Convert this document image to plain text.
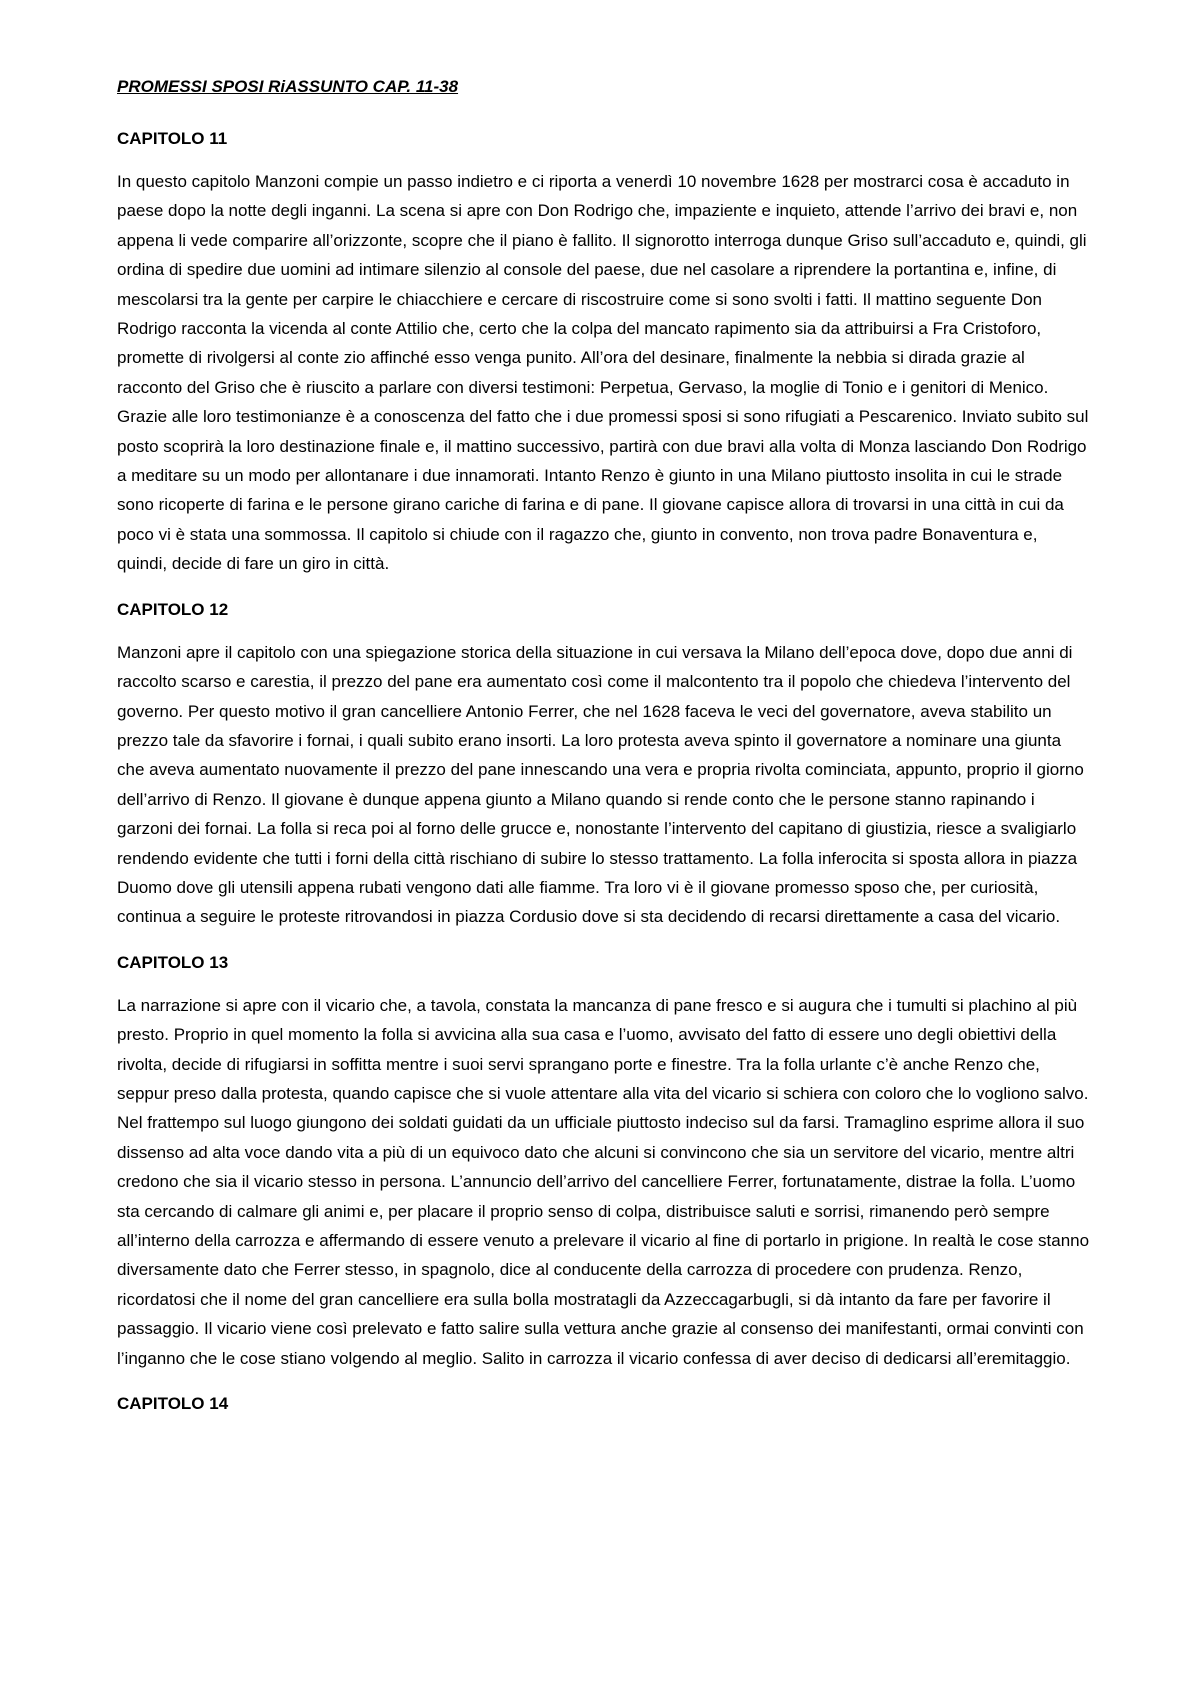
PROMESSI SPOSI RiASSUNTO CAP. 11-38
CAPITOLO 11

In questo capitolo Manzoni compie un passo indietro e ci riporta a venerdì 10 novembre 1628 per mostrarci cosa è accaduto in paese dopo la notte degli inganni. La scena si apre con Don Rodrigo che, impaziente e inquieto, attende l’arrivo dei bravi e, non appena li vede comparire all’orizzonte, scopre che il piano è fallito. Il signorotto interroga dunque Griso sull’accaduto e, quindi, gli ordina di spedire due uomini ad intimare silenzio al console del paese, due nel casolare a riprendere la portantina e, infine, di mescolarsi tra la gente per carpire le chiacchiere e cercare di riscostruire come si sono svolti i fatti. Il mattino seguente Don Rodrigo racconta la vicenda al conte Attilio che, certo che la colpa del mancato rapimento sia da attribuirsi a Fra Cristoforo, promette di rivolgersi al conte zio affinché esso venga punito. All’ora del desinare, finalmente la nebbia si dirada grazie al racconto del Griso che è riuscito a parlare con diversi testimoni: Perpetua, Gervaso, la moglie di Tonio e i genitori di Menico. Grazie alle loro testimonianze è a conoscenza del fatto che i due promessi sposi si sono rifugiati a Pescarenico. Inviato subito sul posto scoprirà la loro destinazione finale e, il mattino successivo, partirà con due bravi alla volta di Monza lasciando Don Rodrigo a meditare su un modo per allontanare i due innamorati. Intanto Renzo è giunto in una Milano piuttosto insolita in cui le strade sono ricoperte di farina e le persone girano cariche di farina e di pane. Il giovane capisce allora di trovarsi in una città in cui da poco vi è stata una sommossa. Il capitolo si chiude con il ragazzo che, giunto in convento, non trova padre Bonaventura e, quindi, decide di fare un giro in città.

CAPITOLO 12

Manzoni apre il capitolo con una spiegazione storica della situazione in cui versava la Milano dell’epoca dove, dopo due anni di raccolto scarso e carestia, il prezzo del pane era aumentato così come il malcontento tra il popolo che chiedeva l’intervento del governo. Per questo motivo il gran cancelliere Antonio Ferrer, che nel 1628 faceva le veci del governatore, aveva stabilito un prezzo tale da sfavorire i fornai, i quali subito erano insorti. La loro protesta aveva spinto il governatore a nominare una giunta che aveva aumentato nuovamente il prezzo del pane innescando una vera e propria rivolta cominciata, appunto, proprio il giorno dell’arrivo di Renzo. Il giovane è dunque appena giunto a Milano quando si rende conto che le persone stanno rapinando i garzoni dei fornai. La folla si reca poi al forno delle grucce e, nonostante l’intervento del capitano di giustizia, riesce a svaligiarlo rendendo evidente che tutti i forni della città rischiano di subire lo stesso trattamento. La folla inferocita si sposta allora in piazza Duomo dove gli utensili appena rubati vengono dati alle fiamme. Tra loro vi è il giovane promesso sposo che, per curiosità, continua a seguire le proteste ritrovandosi in piazza Cordusio dove si sta decidendo di recarsi direttamente a casa del vicario.

CAPITOLO 13

La narrazione si apre con il vicario che, a tavola, constata la mancanza di pane fresco e si augura che i tumulti si plachino al più presto. Proprio in quel momento la folla si avvicina alla sua casa e l’uomo, avvisato del fatto di essere uno degli obiettivi della rivolta, decide di rifugiarsi in soffitta mentre i suoi servi sprangano porte e finestre. Tra la folla urlante c’è anche Renzo che, seppur preso dalla protesta, quando capisce che si vuole attentare alla vita del vicario si schiera con coloro che lo vogliono salvo. Nel frattempo sul luogo giungono dei soldati guidati da un ufficiale piuttosto indeciso sul da farsi. Tramaglino esprime allora il suo dissenso ad alta voce dando vita a più di un equivoco dato che alcuni si convincono che sia un servitore del vicario, mentre altri credono che sia il vicario stesso in persona. L’annuncio dell’arrivo del cancelliere Ferrer, fortunatamente, distrae la folla. L’uomo sta cercando di calmare gli animi e, per placare il proprio senso di colpa, distribuisce saluti e sorrisi, rimanendo però sempre all’interno della carrozza e affermando di essere venuto a prelevare il vicario al fine di portarlo in prigione. In realtà le cose stanno diversamente dato che Ferrer stesso, in spagnolo, dice al conducente della carrozza di procedere con prudenza. Renzo, ricordatosi che il nome del gran cancelliere era sulla bolla mostratagli da Azzeccagarbugli, si dà intanto da fare per favorire il passaggio. Il vicario viene così prelevato e fatto salire sulla vettura anche grazie al consenso dei manifestanti, ormai convinti con l’inganno che le cose stiano volgendo al meglio. Salito in carrozza il vicario confessa di aver deciso di dedicarsi all’eremitaggio.

CAPITOLO 14
